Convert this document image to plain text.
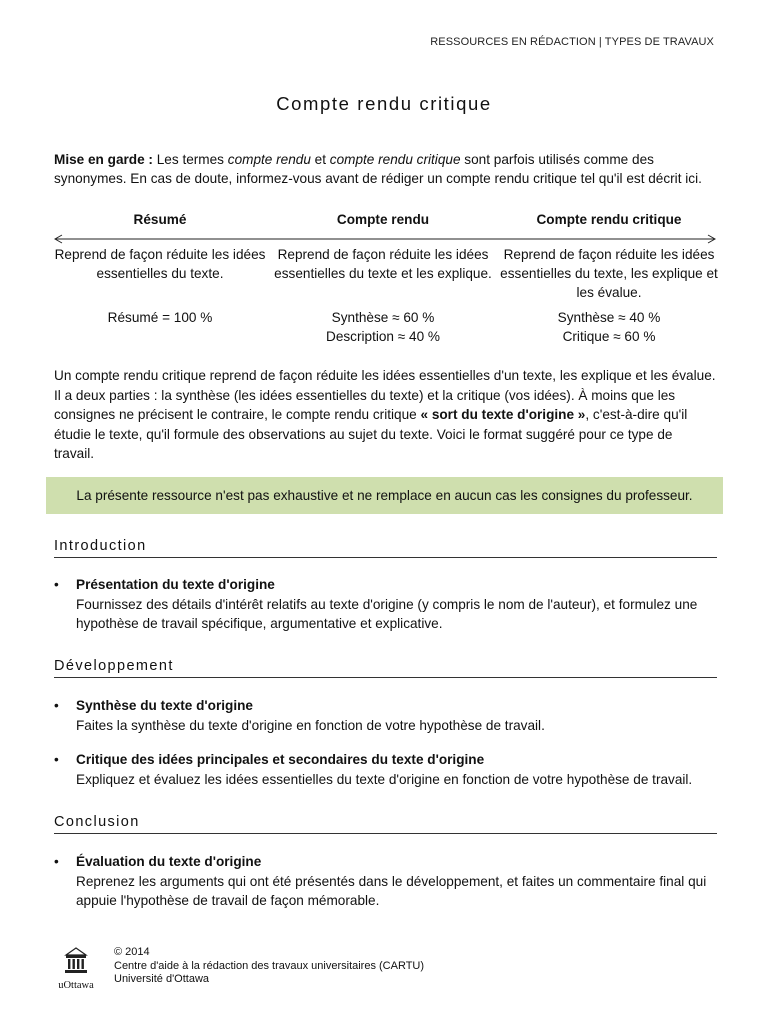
RESSOURCES EN RÉDACTION | TYPES DE TRAVAUX
Compte rendu critique
Mise en garde : Les termes compte rendu et compte rendu critique sont parfois utilisés comme des synonymes. En cas de doute, informez-vous avant de rédiger un compte rendu critique tel qu'il est décrit ici.
Résumé
Reprend de façon réduite les idées essentielles du texte.
Résumé = 100 %
Compte rendu
Reprend de façon réduite les idées essentielles du texte et les explique.
Synthèse ≈ 60 %
Description ≈ 40 %
Compte rendu critique
Reprend de façon réduite les idées essentielles du texte, les explique et les évalue.
Synthèse ≈ 40 %
Critique ≈ 60 %
Un compte rendu critique reprend de façon réduite les idées essentielles d'un texte, les explique et les évalue. Il a deux parties : la synthèse (les idées essentielles du texte) et la critique (vos idées). À moins que les consignes ne précisent le contraire, le compte rendu critique « sort du texte d'origine », c'est-à-dire qu'il étudie le texte, qu'il formule des observations au sujet du texte. Voici le format suggéré pour ce type de travail.
La présente ressource n'est pas exhaustive et ne remplace en aucun cas les consignes du professeur.
Introduction
• Présentation du texte d'origine
Fournissez des détails d'intérêt relatifs au texte d'origine (y compris le nom de l'auteur), et formulez une hypothèse de travail spécifique, argumentative et explicative.
Développement
• Synthèse du texte d'origine
Faites la synthèse du texte d'origine en fonction de votre hypothèse de travail.
• Critique des idées principales et secondaires du texte d'origine
Expliquez et évaluez les idées essentielles du texte d'origine en fonction de votre hypothèse de travail.
Conclusion
• Évaluation du texte d'origine
Reprenez les arguments qui ont été présentés dans le développement, et faites un commentaire final qui appuie l'hypothèse de travail de façon mémorable.
uOttawa
© 2014
Centre d'aide à la rédaction des travaux universitaires (CARTU)
Université d'Ottawa
